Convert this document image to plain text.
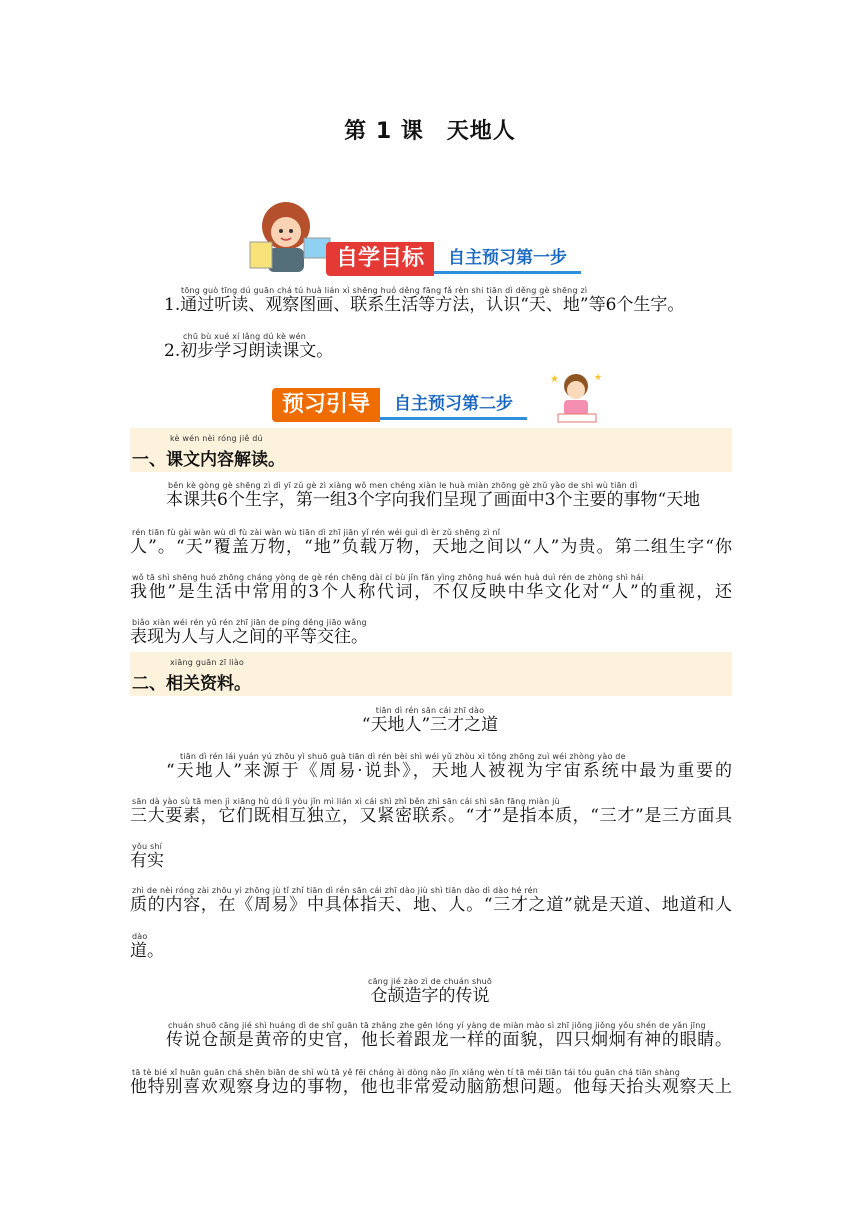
第 1 课　天地人
自学目标	自主预习第一步
tōng guò tīng dú guān chá tú huà lián xì shēng huó děng fāng fǎ rèn shi tiān dì děng gè shēng zì
1.通过听读、观察图画、联系生活等方法，认识“天、地”等6个生字。
chū bù xué xí lǎng dú kè wén
2.初步学习朗读课文。
预习引导	自主预习第二步
★	★
kè wén nèi róng jiě dú
一、课文内容解读。
běn kè gòng gè shēng zì dì yī zǔ gè zì xiàng wǒ men chéng xiàn le huà miàn zhōng gè zhǔ yào de shì wù tiān dì
本课共6个生字，第一组3个字向我们呈现了画面中3个主要的事物“天地
rén tiān fù gài wàn wù dì fù zài wàn wù tiān dì zhī jiān yǐ rén wéi guì dì èr zǔ shēng zì nǐ
人”。“天”覆盖万物，“地”负载万物，天地之间以“人”为贵。第二组生字“你
wǒ tā shì shēng huó zhōng cháng yòng de gè rén chēng dài cí bù jǐn fǎn yìng zhōng huá wén huà duì rén de zhòng shì hái
我他”是生活中常用的3个人称代词，不仅反映中华文化对“人”的重视，还
biǎo xiàn wéi rén yǔ rén zhī jiān de píng děng jiāo wǎng
表现为人与人之间的平等交往。
xiāng guān zī liào
二、相关资料。
tiān dì rén sān cái zhī dào
“天地人”三才之道
tiān dì rén lái yuán yú zhōu yì shuō guà tiān dì rén bèi shì wéi yǔ zhòu xì tǒng zhōng zuì wéi zhòng yào de
“天地人”来源于《周易·说卦》，天地人被视为宇宙系统中最为重要的
sān dà yào sù tā men jì xiāng hù dú lì yòu jǐn mì lián xì cái shì zhǐ běn zhì sān cái shì sān fāng miàn jù
三大要素，它们既相互独立，又紧密联系。“才”是指本质，“三才”是三方面具
yǒu shí
有实
zhì de nèi róng zài zhōu yì zhōng jù tǐ zhǐ tiān dì rén sān cái zhī dào jiù shì tiān dào dì dào hé rén
质的内容，在《周易》中具体指天、地、人。“三才之道”就是天道、地道和人
dào
道。
cāng jié zào zì de chuán shuō
仓颉造字的传说
chuán shuō cāng jié shì huáng dì de shǐ guān tā zhǎng zhe gēn lóng yí yàng de miàn mào sì zhī jiǒng jiǒng yǒu shén de yǎn jīng
传说仓颉是黄帝的史官，他长着跟龙一样的面貌，四只炯炯有神的眼睛。
tā tè bié xǐ huān guān chá shēn biān de shì wù tā yě fēi cháng ài dòng nǎo jīn xiǎng wèn tí tā měi tiān tái tóu guān chá tiān shàng
他特别喜欢观察身边的事物，他也非常爱动脑筋想问题。他每天抬头观察天上
